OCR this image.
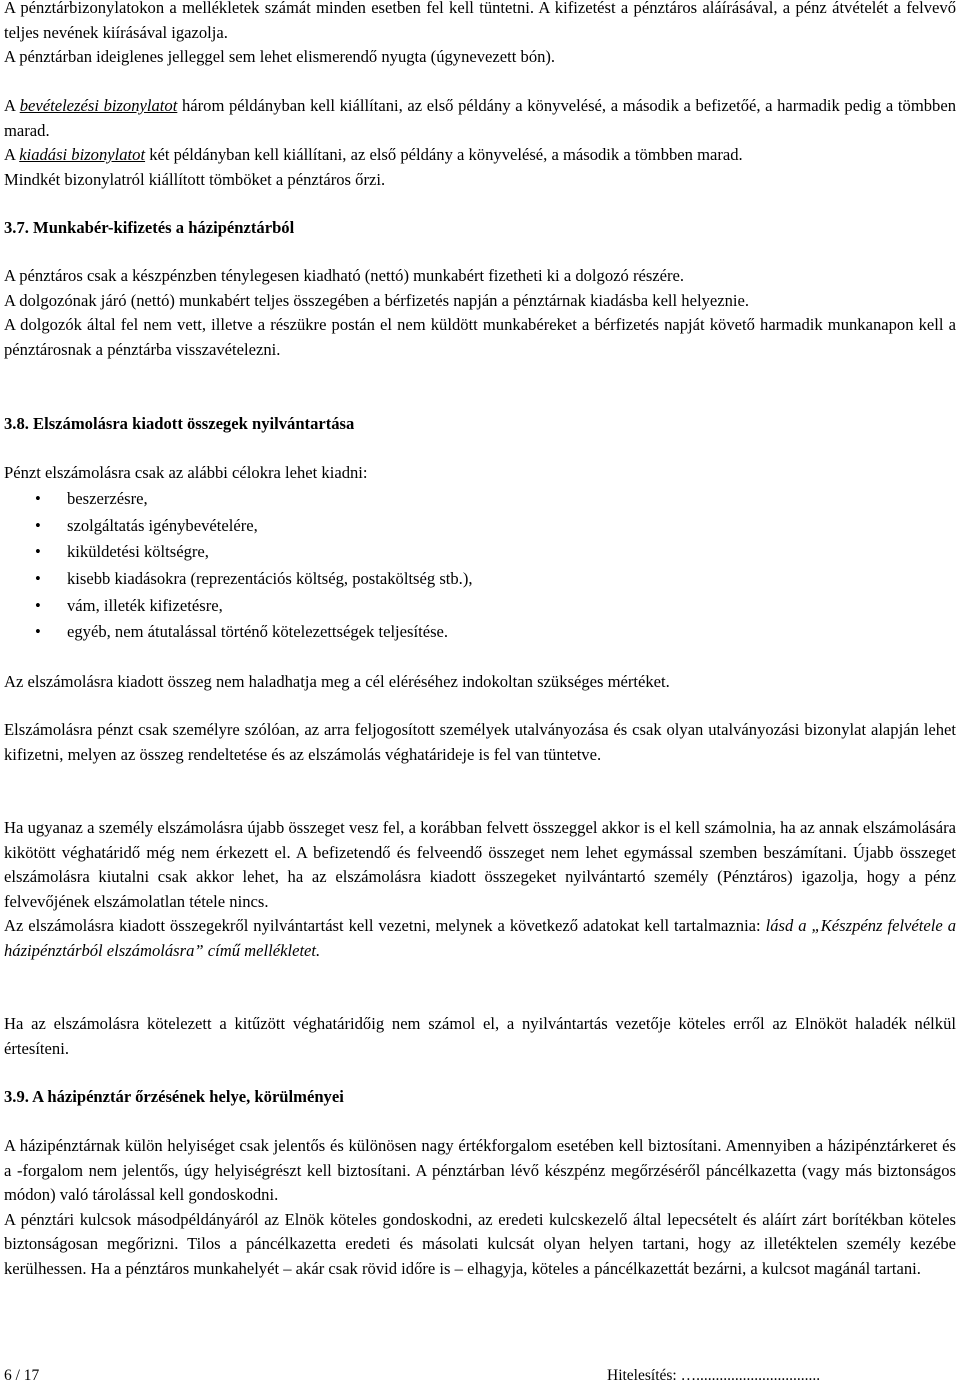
A pénztárbizonylatokon a mellékletek számát minden esetben fel kell tüntetni. A kifizetést a pénztáros aláírásával, a pénz átvételét a felvevő teljes nevének kiírásával igazolja.

A pénztárban ideiglenes jelleggel sem lehet elismerendő nyugta (úgynevezett bón).

A bevételezési bizonylatot három példányban kell kiállítani, az első példány a könyvelésé, a második a befizetőé, a harmadik pedig a tömbben marad.

A kiadási bizonylatot két példányban kell kiállítani, az első példány a könyvelésé, a második a tömbben marad.

Mindkét bizonylatról kiállított tömböket a pénztáros őrzi.

3.7. Munkabér-kifizetés a házipénztárból

A pénztáros csak a készpénzben ténylegesen kiadható (nettó) munkabért fizetheti ki a dolgozó részére.

A dolgozónak járó (nettó) munkabért teljes összegében a bérfizetés napján a pénztárnak kiadásba kell helyeznie.

A dolgozók által fel nem vett, illetve a részükre postán el nem küldött munkabéreket a bérfizetés napját követő harmadik munkanapon kell a pénztárosnak a pénztárba visszavételezni.

3.8. Elszámolásra kiadott összegek nyilvántartása

Pénzt elszámolásra csak az alábbi célokra lehet kiadni:

• beszerzésre,
• szolgáltatás igénybevételére,
• kiküldetési költségre,
• kisebb kiadásokra (reprezentációs költség, postaköltség stb.),
• vám, illeték kifizetésre,
• egyéb, nem átutalással történő kötelezettségek teljesítése.

Az elszámolásra kiadott összeg nem haladhatja meg a cél eléréséhez indokoltan szükséges mértéket.

Elszámolásra pénzt csak személyre szólóan, az arra feljogosított személyek utalványozása és csak olyan utalványozási bizonylat alapján lehet kifizetni, melyen az összeg rendeltetése és az elszámolás véghatárideje is fel van tüntetve.

Ha ugyanaz a személy elszámolásra újabb összeget vesz fel, a korábban felvett összeggel akkor is el kell számolnia, ha az annak elszámolására kikötött véghatáridő még nem érkezett el. A befizetendő és felveendő összeget nem lehet egymással szemben beszámítani. Újabb összeget elszámolásra kiutalni csak akkor lehet, ha az elszámolásra kiadott összegeket nyilvántartó személy (Pénztáros) igazolja, hogy a pénz felvevőjének elszámolatlan tétele nincs.

Az elszámolásra kiadott összegekről nyilvántartást kell vezetni, melynek a következő adatokat kell tartalmaznia: lásd a „Készpénz felvétele a házipénztárból elszámolásra” című mellékletet.

Ha az elszámolásra kötelezett a kitűzött véghatáridőig nem számol el, a nyilvántartás vezetője köteles erről az Elnököt haladék nélkül értesíteni.

3.9. A házipénztár őrzésének helye, körülményei

A házipénztárnak külön helyiséget csak jelentős és különösen nagy értékforgalom esetében kell biztosítani. Amennyiben a házipénztárkeret és a -forgalom nem jelentős, úgy helyiségrészt kell biztosítani. A pénztárban lévő készpénz megőrzéséről páncélkazetta (vagy más biztonságos módon) való tárolással kell gondoskodni.

A pénztári kulcsok másodpéldányáról az Elnök köteles gondoskodni, az eredeti kulcskezelő által lepecsételt és aláírt zárt borítékban köteles biztonságosan megőrizni. Tilos a páncélkazetta eredeti és másolati kulcsát olyan helyen tartani, hogy az illetéktelen személy kezébe kerülhessen. Ha a pénztáros munkahelyét – akár csak rövid időre is – elhagyja, köteles a páncélkazettát bezárni, a kulcsot magánál tartani.

6 / 17	Hitelesítés: …................................
